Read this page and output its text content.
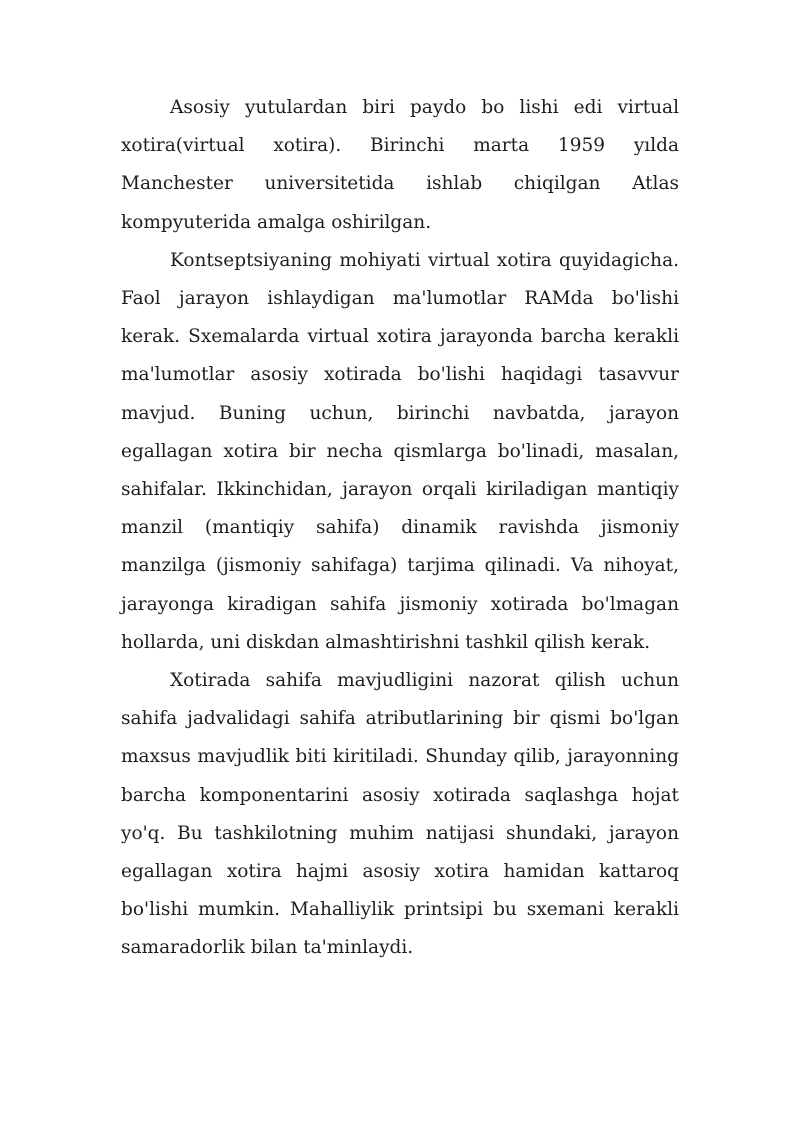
Asosiy yutulardan biri paydo bo lishi edi virtual xotira(virtual xotira). Birinchi marta 1959 yılda Manchester universitetida ishlab chiqilgan Atlas kompyuterida amalga oshirilgan.

Kontseptsiyaning mohiyati virtual xotira quyidagicha. Faol jarayon ishlaydigan ma'lumotlar RAMda bo'lishi kerak. Sxemalarda virtual xotira jarayonda barcha kerakli ma'lumotlar asosiy xotirada bo'lishi haqidagi tasavvur mavjud. Buning uchun, birinchi navbatda, jarayon egallagan xotira bir necha qismlarga bo'linadi, masalan, sahifalar. Ikkinchidan, jarayon orqali kiriladigan mantiqiy manzil (mantiqiy sahifa) dinamik ravishda jismoniy manzilga (jismoniy sahifaga) tarjima qilinadi. Va nihoyat, jarayonga kiradigan sahifa jismoniy xotirada bo'lmagan hollarda, uni diskdan almashtirishni tashkil qilish kerak.

Xotirada sahifa mavjudligini nazorat qilish uchun sahifa jadvalidagi sahifa atributlarining bir qismi bo'lgan maxsus mavjudlik biti kiritiladi. Shunday qilib, jarayonning barcha komponentarini asosiy xotirada saqlashga hojat yo'q. Bu tashkilotning muhim natijasi shundaki, jarayon egallagan xotira hajmi asosiy xotira hamidan kattaroq bo'lishi mumkin. Mahalliylik printsipi bu sxemani kerakli samaradorlik bilan ta'minlaydi.
